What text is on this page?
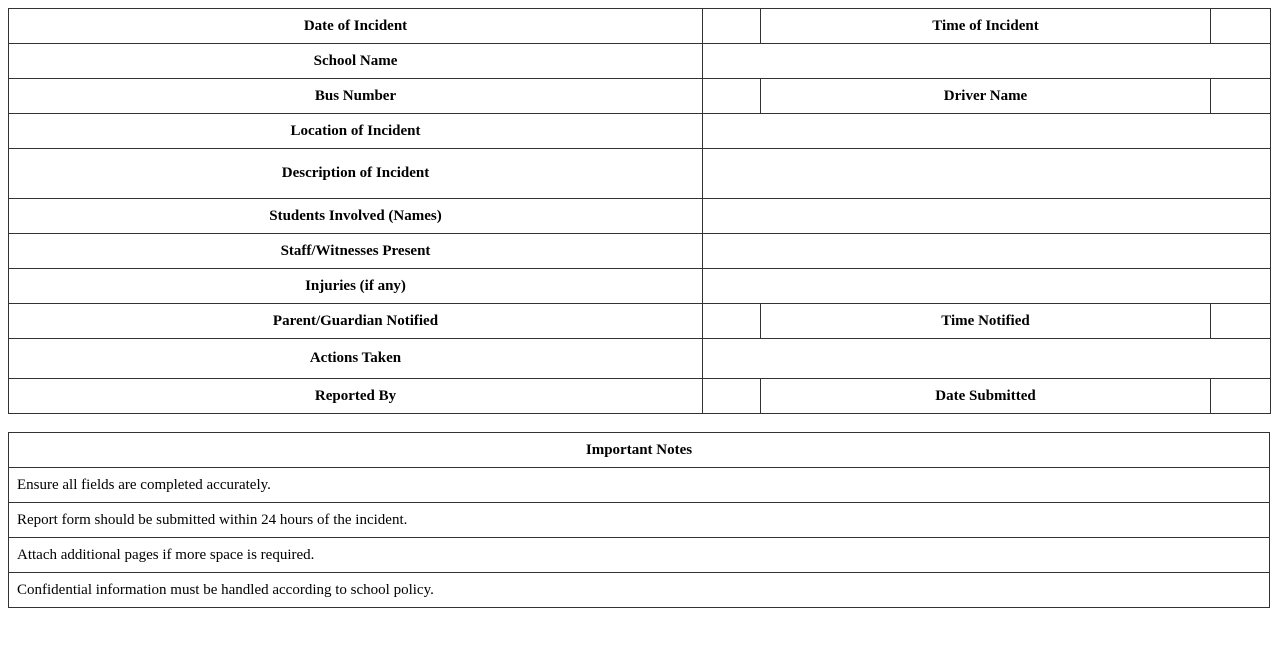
Date of Incident		Time of Incident	
School Name			
Bus Number		Driver Name	
Location of Incident			
Description of Incident			
Students Involved (Names)			
Staff/Witnesses Present			
Injuries (if any)			
Parent/Guardian Notified		Time Notified	
Actions Taken			
Reported By		Date Submitted	
Important Notes
Ensure all fields are completed accurately.
Report form should be submitted within 24 hours of the incident.
Attach additional pages if more space is required.
Confidential information must be handled according to school policy.
